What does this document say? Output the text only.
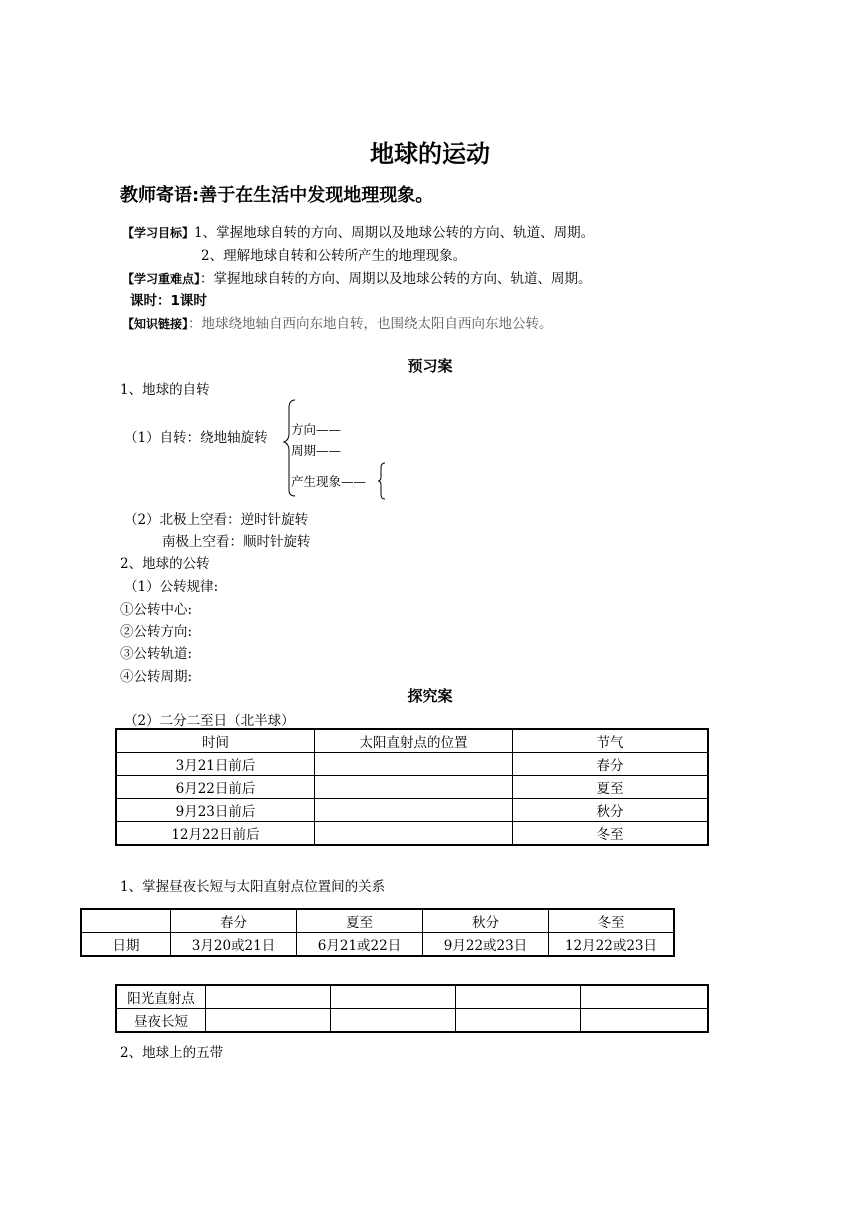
地球的运动
教师寄语:善于在生活中发现地理现象。
【学习目标】1、掌握地球自转的方向、周期以及地球公转的方向、轨道、周期。
2、理解地球自转和公转所产生的地理现象。
【学习重难点】：掌握地球自转的方向、周期以及地球公转的方向、轨道、周期。
课时：1课时
【知识链接】：地球绕地轴自西向东地自转，也围绕太阳自西向东地公转。
预习案
1、地球的自转
（1）自转：绕地轴旋转
方向——
周期——
产生现象——
（2）北极上空看：逆时针旋转
南极上空看：顺时针旋转
2、地球的公转
（1）公转规律:
①公转中心:
②公转方向:
③公转轨道:
④公转周期:
探究案
（2）二分二至日（北半球）
时间	太阳直射点的位置	节气
3月21日前后		春分
6月22日前后		夏至
9月23日前后		秋分
12月22日前后		冬至
1、掌握昼夜长短与太阳直射点位置间的关系
	春分	夏至	秋分	冬至
日期	3月20或21日	6月21或22日	9月22或23日	12月22或23日
阳光直射点				
昼夜长短				
2、地球上的五带
